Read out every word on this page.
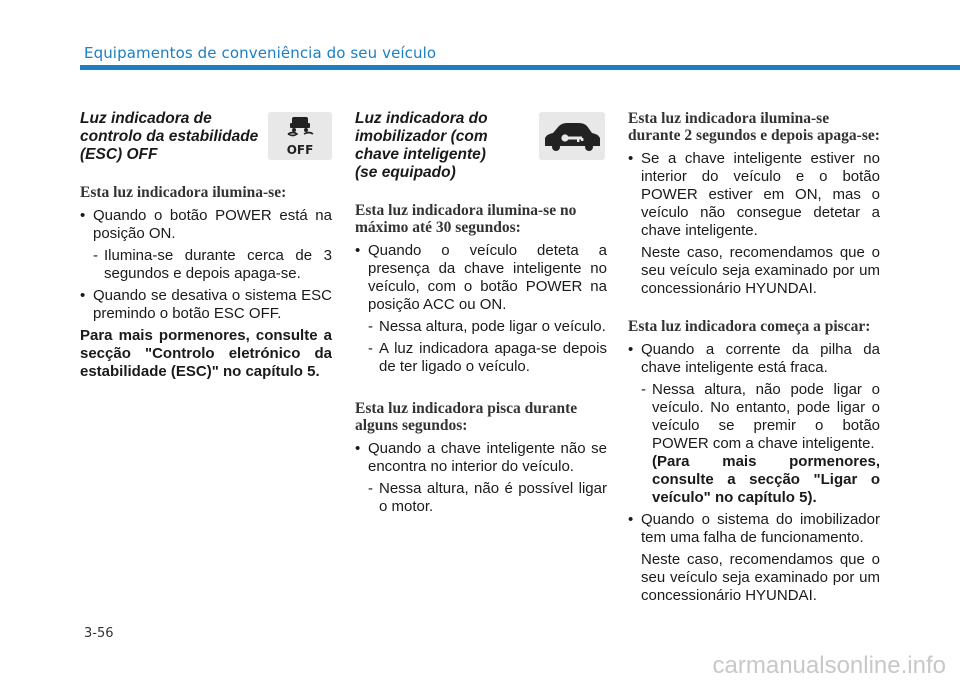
Equipamentos de conveniência do seu veículo

Luz indicadora de controlo da estabilidade (ESC) OFF	OFF

Esta luz indicadora ilumina-se:

• Quando o botão POWER está na posição ON.
- Ilumina-se durante cerca de 3 segundos e depois apaga-se.
• Quando se desativa o sistema ESC premindo o botão ESC OFF.

Para mais pormenores, consulte a secção "Controlo eletrónico da estabilidade (ESC)" no capítulo 5.

Luz indicadora do imobilizador (com chave inteligente) (se equipado)

Esta luz indicadora ilumina-se no máximo até 30 segundos:

• Quando o veículo deteta a presença da chave inteligente no veículo, com o botão POWER na posição ACC ou ON.
- Nessa altura, pode ligar o veículo.
- A luz indicadora apaga-se depois de ter ligado o veículo.

Esta luz indicadora pisca durante alguns segundos:

• Quando a chave inteligente não se encontra no interior do veículo.
- Nessa altura, não é possível ligar o motor.

Esta luz indicadora ilumina-se durante 2 segundos e depois apaga-se:

• Se a chave inteligente estiver no interior do veículo e o botão POWER estiver em ON, mas o veículo não consegue detetar a chave inteligente.

Neste caso, recomendamos que o seu veículo seja examinado por um concessionário HYUNDAI.

Esta luz indicadora começa a piscar:

• Quando a corrente da pilha da chave inteligente está fraca.
- Nessa altura, não pode ligar o veículo. No entanto, pode ligar o veículo se premir o botão POWER com a chave inteligente.
(Para mais pormenores, consulte a secção "Ligar o veículo" no capítulo 5).
• Quando o sistema do imobilizador tem uma falha de funcionamento.

Neste caso, recomendamos que o seu veículo seja examinado por um concessionário HYUNDAI.

3-56
carmanualsonline.info
